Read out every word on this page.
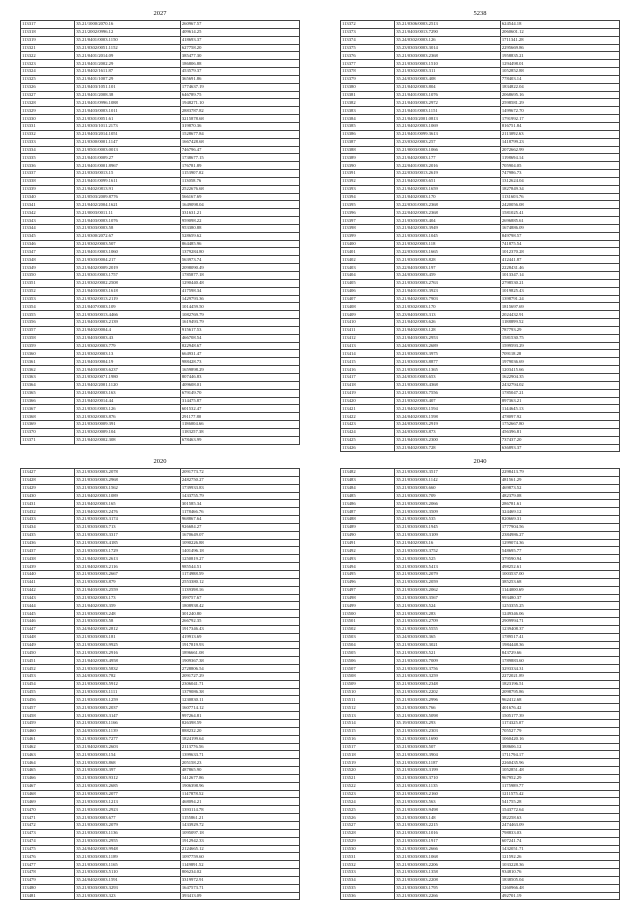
2027
113317	35.21/1000/2070.16	260967.57
113318	35.21/2002/0996.12	409614.25
113319	35.21/0401/0003.1150	418693.37
113321	35.21/0302/0051.1152	627758.20
113322	35.21/0401/2014.09	385477.30
113323	35.21/0401/2002.29	186806.88
113324	35.21/0402/1611.87	453579.37
113325	35.21/0401/1007.29	365691.86
113326	35.21/0403/1051.101	1774637.19
113327	35.21/0401/2008.38	646789.75
113328	35.21/0401/0996.1088	1948271.10
113329	35.21/0403/0003.1011	2883787.82
113330	35.21/0301/0051.61	3215878.68
113331	35.21/0303/1011.2173	319870.36
113332	35.21/0403/2014.1051	1528677.84
113333	35.21/0300/0001.1147	1667428.68
113334	35.21/0501/0003.0013	746796.47
113335	35.21/0401/0009.27	1738677.15
113336	35.21/0401/0001.8967	176781.89
113337	35.21/0303/0013.15	1153907.02
113338	35.21/0401/0099.1611	113058.76
113339	35.21/0402/0813.91	2522676.68
113340	35.21/0503/2009.8776	566167.69
113341	35.21/0402/2004.1621	1649098.04
113342	35.21/0003/0011.11	331631.21
113343	35.21/0403/0003.1076	959098.22
113344	35.21/0303/0003.58	953380.88
113345	35.21/0300/2072.67	528659.62
113346	35.21/0302/0003.507	864485.96
113347	35.21/0401/0003.1060	1379284.80
113348	35.21/0303/0004.217	563973.74
113349	35.21/0402/0009.2019	2098090.49
113350	35.21/0301/0003.1757	1785877.18
113351	35.21/0302/0002.2508	1290440.48
113352	35.21/0403/0003.1618	417598.34
113353	35.21/0302/0013.2119	1429793.36
113354	35.21/0407/0003.109	1014459.50
113355	35.21/0303/0013.4466	1082769.79
113356	35.21/0403/0003.2139	1619493.79
113357	35.21/0402/0004.4	915617.53
113358	35.21/0403/0003.43	466708.54
113359	35.21/0302/0003.779	822948.67
113360	35.21/0302/0003.13	664931.47
113361	35.21/0403/0004.19	988428.73
113362	35.21/0403/0003.6237	1659898.29
113363	35.21/0302/0071.1980	807446.83
113364	35.21/0402/2001.1120	409608.01
113365	35.21/0402/0003.163	679149.70
113366	35.21/0402/0014.44	314475.87
113367	35.21/0301/0003.126	601532.47
113368	35.21/0302/0003.876	291177.80
113369	35.21/0303/0009.391	1186004.66
113370	35.21/0302/0009.104	1183257.38
113371	35.21/0402/0002.308	678463.99
5238
113372	35.21/0306/0003.2513	624544.18
113373	35.21/0403/0013.7290	2060601.12
113374	35.24/0302/0003.126	1711341.28
113375	35.23/0303/0003.3014	2295669.86
113376	35.21/0303/0003.2368	1958835.21
113377	35.21/0303/0003.1510	1294498.01
113378	35.21/0302/0003.311	1052852.88
113379	35.24/0303/0003.408	778403.14
113380	35.21/0402/0003.804	1834822.04
113381	35.21/0401/0003.1076	2068695.16
113382	35.21/0403/0003.2972	2598581.29
113383	35.21/0401/0003.1151	1499672.70
113384	35.21/0403/2001.0813	1791992.17
113385	35.21/0402/0003.1069	816751.84
113386	35.21/0401/0099.3613	2113092.63
113387	35.23/0302/0003.257	1418799.23
113388	35.21/0003/0003.1066	2072662.99
113389	35.21/0402/0003.177	1198694.14
113390	35.22/0401/0003.2016	705904.05
113391	35.22/0303/0013.2619	747986.73
113392	35.21/0402/0003.651	1312624.04
113393	35.21/0402/0003.1659	1827849.34
113394	35.21/0402/0003.170	1131603.76
113395	35.22/0301/0003.2368	2420056.08
113396	35.22/0402/0003.2368	1581025.41
113397	35.21/0303/0003.404	2696885.61
113398	35.21/0402/0003.3949	1674886.09
113399	35.21/0303/0003.1045	849798.57
113400	35.21/0302/0003.118	741875.54
113401	35.22/0303/0003.1665	1012370.28
113402	35.21/0303/0003.828	412441.87
113403	35.22/0403/0003.197	2228431.46
113404	35.24/0303/0003.459	1013347.14
113405	35.21/0303/0003.2763	2798530.21
113406	35.21/0401/0003.3923	1019825.43
113407	35.21/0402/0003.7903	1398791.24
113408	35.21/0302/0003.170	1815697.69
113409	35.23/0403/0003.313	2024432.91
113410	35.21/0402/0003.626	1188899.52
113411	35.21/0402/0003.128	787793.29
113412	35.21/0403/0003.2953	1581530.75
113413	35.24/0303/0003.2689	1599593.29
113414	35.21/0303/0003.3975	709118.28
113415	35.21/0303/0003.8877	1979036.69
113416	35.21/0303/0003.1365	1203415.66
113417	35.24/0301/0003.653	1622904.35
113418	35.21/0303/0003.4368	2432794.02
113419	35.21/0303/0003.7556	1785047.21
113420	35.21/0302/0003.407	897363.21
113421	35.21/0402/0003.1594	1144645.13
113422	35.24/0402/0003.1598	478097.92
113423	35.24/0303/0003.2919	1752667.80
113424	35.24/0303/0003.873	456396.81
113425	35.21/0403/0003.2300	737437.20
113426	35.21/0402/0003.728	636893.37
2020
113427	35.21/0303/0003.2078	2091773.72
113428	35.21/0303/0003.2968	2482750.27
113429	35.21/0303/0003.1562	1739933.83
113430	35.21/0402/0003.1089	1433755.79
113431	35.21/0402/0003.165	301585.34
113432	35.21/0402/0003.2476	1178466.76
113433	35.21/0303/0003.3174	968867.64
113434	35.21/0303/0003.713	926684.27
113435	35.21/0303/0003.3317	1670649.07
113436	35.21/0303/0003.4185	1090226.88
113437	35.21/0303/0003.1729	1401496.18
113438	35.21/0402/0003.2613	1250819.27
113439	35.21/0402/0003.2116	985544.51
113440	35.21/0303/0003.2667	1174988.59
113441	35.21/0303/0003.879	2553380.12
113442	35.21/0403/0003.2559	1139398.16
113443	35.21/0302/0003.173	399757.67
113444	35.21/0402/0003.359	1808938.42
113445	35.21/0303/0003.248	301240.80
113446	35.21/0303/0003.58	266792.35
113447	35.24/0402/0003.2812	1917346.43
113448	35.21/0303/0003.181	419913.69
113449	35.21/0303/0003.9925	1917819.93
113450	35.21/0303/0003.2916	1896661.08
113451	35.21/0402/0003.4958	1909367.38
113452	35.21/0303/0003.5832	2728806.54
113453	35.24/0303/0003.782	2091727.29
113454	35.21/0303/0003.5912	2306041.71
113455	35.21/0303/0003.1111	1379086.38
113456	35.21/0303/0003.1259	1230830.11
113457	35.21/0303/0003.2037	1607714.12
113458	35.21/0303/0003.3147	997264.81
113459	35.21/0303/0003.1166	826398.59
113460	35.24/0303/0003.1139	888232.20
113461	35.21/0303/0003.7277	1824199.64
113462	35.21/0402/0003.2603	2113776.56
113463	35.21/0303/0003.154	1399633.71
113464	35.21/0303/0003.868	205158.23
113465	35.21/0303/0003.397	487865.90
113466	35.21/0303/0003.9312	1412677.86
113467	35.21/0303/0003.2685	1906398.96
113468	35.21/0303/0003.2077	1147878.52
113469	35.21/0303/0003.1213	468094.21
113470	35.21/0303/0003.2923	1393114.78
113471	35.21/0303/0003.677	1155861.21
113472	35.21/0303/0003.2079	1433929.72
113473	35.21/0303/0003.1136	1095097.18
113474	35.21/0303/0003.2955	1912942.33
113475	35.24/0402/0003.9948	2124665.12
113476	35.21/0303/0003.1189	1097759.60
113477	35.21/0303/0003.1165	1149891.52
113478	35.21/0303/0003.5110	806234.02
113479	35.24/0402/0003.1591	3319972.91
113480	35.21/0303/0003.3293	1647573.71
113481	35.21/0303/0003.323	393413.09
2040
113482	35.21/0303/0003.3517	2298413.79
113483	35.21/0303/0003.1142	481561.29
113484	35.21/0303/0003.660	469873.52
113485	35.21/0303/0003.709	482379.08
113486	35.21/0303/0003.2066	286781.61
113487	35.21/0303/0003.3509	324469.12
113488	35.21/0303/0003.535	820669.31
113489	35.21/0303/0003.1945	1777904.56
113490	35.21/0303/0003.3109	2384986.27
113491	35.21/0402/0003.16	1299074.36
113492	35.21/0303/0003.3752	548695.77
113493	35.21/0303/0003.525	379590.94
113494	35.21/0303/0003.5413	498252.61
113495	35.21/0303/0003.2079	1003537.00
113496	35.21/0303/0003.2059	385253.68
113497	35.21/0303/0003.2062	1144000.69
113498	35.21/0303/0003.3567	993480.37
113499	35.21/0303/0003.524	1253355.25
113500	35.21/0303/0003.283	1249346.06
113501	35.21/0303/0003.2709	2909994.71
113502	35.21/0303/0003.5555	1239408.37
113503	35.24/0303/0003.365	1789517.41
113504	35.21/0303/0003.3021	1984448.36
113505	35.21/0303/0003.521	843729.66
113506	35.21/0303/0003.7009	1789883.60
113507	35.21/0303/0003.3756	3293334.31
113508	35.21/0303/0003.3259	2272021.89
113509	35.21/0303/0003.2348	1823196.51
113510	35.21/0303/0003.2202	2098795.86
113511	35.21/0303/0003.2996	962412.68
113512	35.21/0303/0003.766	401676.42
113513	35.21/0303/0003.5098	1505177.39
113514	35.19/0303/0003.293	1174325.07
113515	35.21/0303/0003.2303	705527.79
113516	35.21/0303/0003.1690	1060420.16
113517	35.21/0303/0003.507	388606.12
113518	35.21/0303/0003.3904	1711794.17
113519	35.21/0303/0003.1187	2260435.96
113520	35.21/0303/0003.3199	1052851.48
113521	35.21/0303/0003.3710	967952.29
113522	35.21/0303/0003.1135	1175989.77
113523	35.21/0303/0003.2160	1211575.42
113524	35.21/0303/0003.563	541755.28
113525	35.21/0303/0003.9498	1543772.64
113526	35.21/0303/0003.148	382258.63
113527	35.21/0303/0003.2215	2474463.09
113528	35.21/0303/0003.1016	798833.03
113529	35.21/0303/0003.1917	607241.74
113530	35.21/0303/0003.2666	1432051.71
113531	35.21/0303/0003.1068	121592.26
113532	35.21/0303/0003.2206	1033228.36
113533	35.21/0303/0003.1358	934810.76
113534	35.21/0303/0003.2208	1838505.04
113535	35.21/0303/0003.1795	1260966.48
113536	35.21/0303/0003.2266	492701.19
